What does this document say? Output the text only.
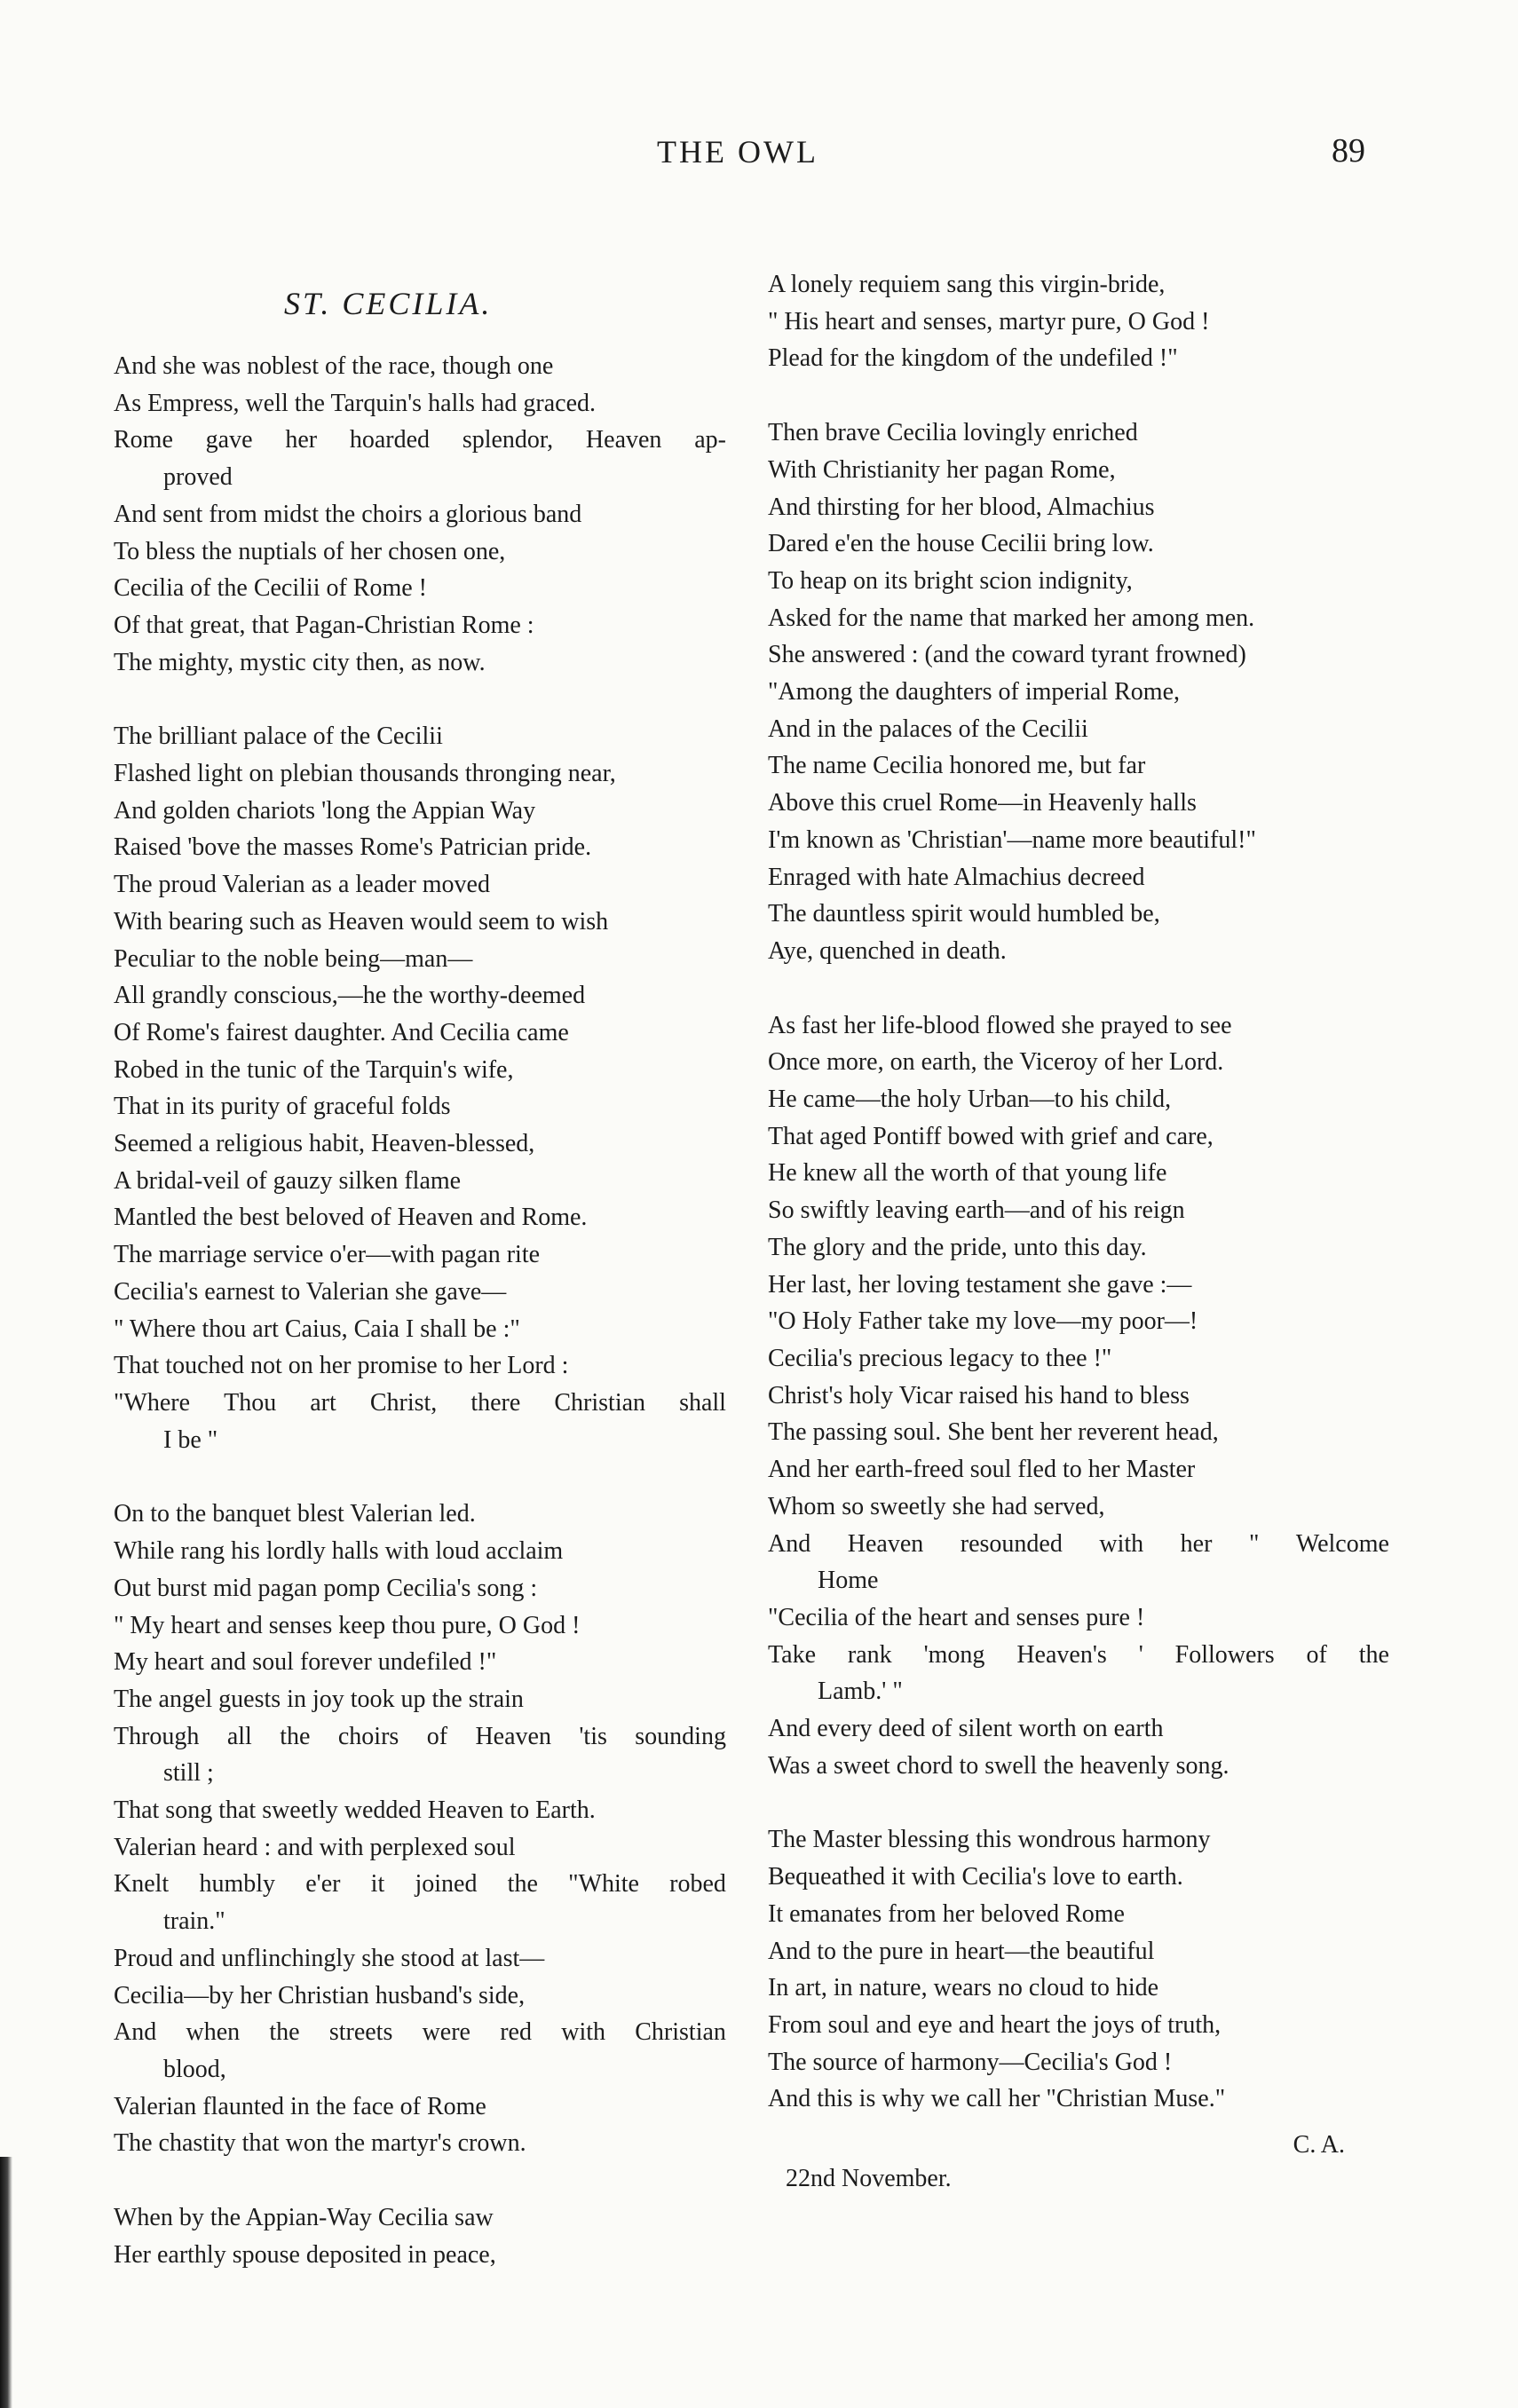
THE OWL	89
ST. CECILIA.
And she was noblest of the race, though one
As Empress, well the Tarquin's halls had graced.
Rome gave her hoarded splendor, Heaven ap-
proved
And sent from midst the choirs a glorious band
To bless the nuptials of her chosen one,
Cecilia of the Cecilii of Rome !
Of that great, that Pagan-Christian Rome :
The mighty, mystic city then, as now.
The brilliant palace of the Cecilii
Flashed light on plebian thousands thronging near,
And golden chariots 'long the Appian Way
Raised 'bove the masses Rome's Patrician pride.
The proud Valerian as a leader moved
With bearing such as Heaven would seem to wish
Peculiar to the noble being—man—
All grandly conscious,—he the worthy-deemed
Of Rome's fairest daughter. And Cecilia came
Robed in the tunic of the Tarquin's wife,
That in its purity of graceful folds
Seemed a religious habit, Heaven-blessed,
A bridal-veil of gauzy silken flame
Mantled the best beloved of Heaven and Rome.
The marriage service o'er—with pagan rite
Cecilia's earnest to Valerian she gave—
" Where thou art Caius, Caia I shall be :"
That touched not on her promise to her Lord :
"Where Thou art Christ, there Christian shall
I be "
On to the banquet blest Valerian led.
While rang his lordly halls with loud acclaim
Out burst mid pagan pomp Cecilia's song :
" My heart and senses keep thou pure, O God !
My heart and soul forever undefiled !"
The angel guests in joy took up the strain
Through all the choirs of Heaven 'tis sounding
still ;
That song that sweetly wedded Heaven to Earth.
Valerian heard : and with perplexed soul
Knelt humbly e'er it joined the "White robed
train."
Proud and unflinchingly she stood at last—
Cecilia—by her Christian husband's side,
And when the streets were red with Christian
blood,
Valerian flaunted in the face of Rome
The chastity that won the martyr's crown.
When by the Appian-Way Cecilia saw
Her earthly spouse deposited in peace,
A lonely requiem sang this virgin-bride,
" His heart and senses, martyr pure, O God !
Plead for the kingdom of the undefiled !"
Then brave Cecilia lovingly enriched
With Christianity her pagan Rome,
And thirsting for her blood, Almachius
Dared e'en the house Cecilii bring low.
To heap on its bright scion indignity,
Asked for the name that marked her among men.
She answered : (and the coward tyrant frowned)
"Among the daughters of imperial Rome,
And in the palaces of the Cecilii
The name Cecilia honored me, but far
Above this cruel Rome—in Heavenly halls
I'm known as 'Christian'—name more beautiful!"
Enraged with hate Almachius decreed
The dauntless spirit would humbled be,
Aye, quenched in death.
As fast her life-blood flowed she prayed to see
Once more, on earth, the Viceroy of her Lord.
He came—the holy Urban—to his child,
That aged Pontiff bowed with grief and care,
He knew all the worth of that young life
So swiftly leaving earth—and of his reign
The glory and the pride, unto this day.
Her last, her loving testament she gave :—
"O Holy Father take my love—my poor—!
Cecilia's precious legacy to thee !"
Christ's holy Vicar raised his hand to bless
The passing soul. She bent her reverent head,
And her earth-freed soul fled to her Master
Whom so sweetly she had served,
And Heaven resounded with her " Welcome
Home
"Cecilia of the heart and senses pure !
Take rank 'mong Heaven's ' Followers of the
Lamb.' "
And every deed of silent worth on earth
Was a sweet chord to swell the heavenly song.
The Master blessing this wondrous harmony
Bequeathed it with Cecilia's love to earth.
It emanates from her beloved Rome
And to the pure in heart—the beautiful
In art, in nature, wears no cloud to hide
From soul and eye and heart the joys of truth,
The source of harmony—Cecilia's God !
And this is why we call her "Christian Muse."
C. A.
22nd November.
